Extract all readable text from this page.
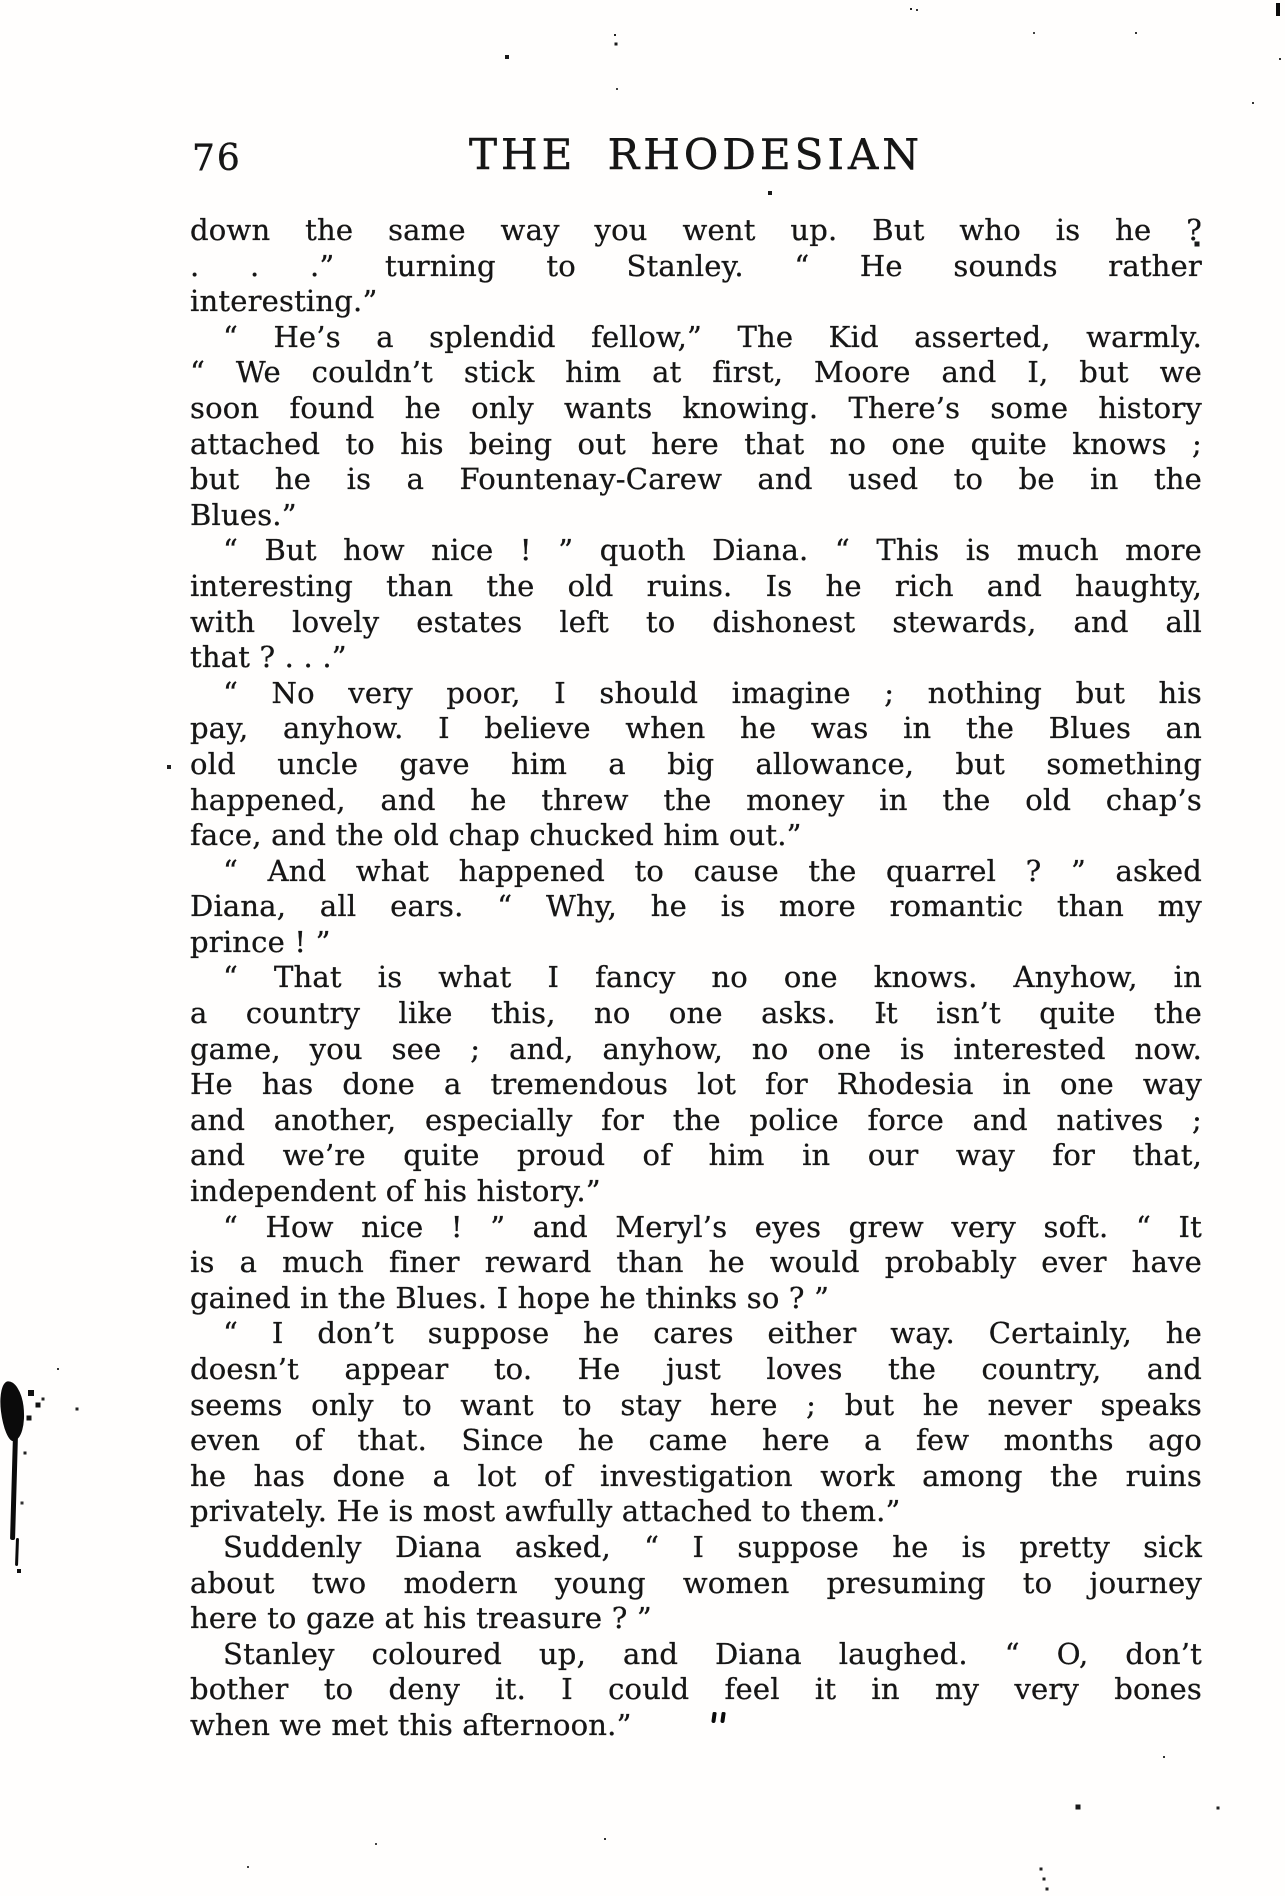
76	THE RHODESIAN
down the same way you went up. But who is he ?
. . .” turning to Stanley. “ He sounds rather
interesting.”
“ He’s a splendid fellow,” The Kid asserted, warmly.
“ We couldn’t stick him at first, Moore and I, but we
soon found he only wants knowing. There’s some history
attached to his being out here that no one quite knows ;
but he is a Fountenay-Carew and used to be in the
Blues.”
“ But how nice ! ” quoth Diana. “ This is much more
interesting than the old ruins. Is he rich and haughty,
with lovely estates left to dishonest stewards, and all
that ? . . .”
“ No very poor, I should imagine ; nothing but his
pay, anyhow. I believe when he was in the Blues an
old uncle gave him a big allowance, but something
happened, and he threw the money in the old chap’s
face, and the old chap chucked him out.”
“ And what happened to cause the quarrel ? ” asked
Diana, all ears. “ Why, he is more romantic than my
prince ! ”
“ That is what I fancy no one knows. Anyhow, in
a country like this, no one asks. It isn’t quite the
game, you see ; and, anyhow, no one is interested now.
He has done a tremendous lot for Rhodesia in one way
and another, especially for the police force and natives ;
and we’re quite proud of him in our way for that,
independent of his history.”
“ How nice ! ” and Meryl’s eyes grew very soft. “ It
is a much finer reward than he would probably ever have
gained in the Blues. I hope he thinks so ? ”
“ I don’t suppose he cares either way. Certainly, he
doesn’t appear to. He just loves the country, and
seems only to want to stay here ; but he never speaks
even of that. Since he came here a few months ago
he has done a lot of investigation work among the ruins
privately. He is most awfully attached to them.”
Suddenly Diana asked, “ I suppose he is pretty sick
about two modern young women presuming to journey
here to gaze at his treasure ? ”
Stanley coloured up, and Diana laughed. “ O, don’t
bother to deny it. I could feel it in my very bones
when we met this afternoon.”
